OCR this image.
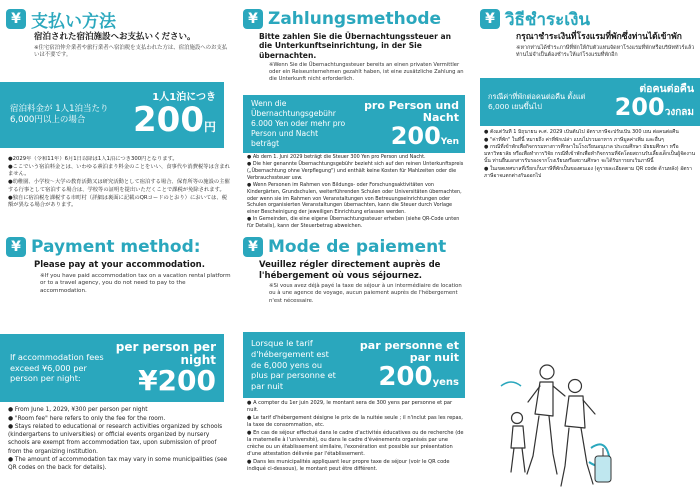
¥ 支払い方法
宿泊された宿泊施設へお支払いください。
※住宅宿泊仲介業者や旅行業者へ宿泊税を支払われた方は、宿泊施設へのお支払いは不要です。
宿泊料金が 1人1泊当たり6,000円以上の場合
1人1泊につき
200円
●2029年（令和11年）6月1日以降は1人1泊につき300円となります。
●ここでいう宿泊料金とは、いわゆる素泊まり料金のことをいい、食事代や消費税等は含まれません。
●幼稚園、小学校〜大学の教育活動又は研究活動として宿泊する場合、保育所等の施設の主催する行事として宿泊する場合は、学校等の証明を提出いただくことで課税が免除されます。
●独自に宿泊税を課税する市町村（詳細は裏面に記載のQRコードのとおり）においては、税額が異なる場合があります。
¥ Zahlungsmethode
Bitte zahlen Sie die Übernachtungssteuer an die Unterkunftseinrichtung, in der Sie übernachten.
※Wenn Sie die Übernachtungssteuer bereits an einen privaten Vermittler oder ein Reiseunternehmen gezahlt haben, ist eine zusätzliche Zahlung an die Unterkunft nicht erforderlich.
Wenn die Übernachtungsgebühr 6.000 Yen oder mehr pro Person und Nacht beträgt
pro Person und Nacht
200Yen
● Ab dem 1. Juni 2029 beträgt die Steuer 300 Yen pro Person und Nacht.
● Die hier genannte Übernachtungsgebühr bezieht sich auf den reinen Unterkunftspreis („Übernachtung ohne Verpflegung") und enthält keine Kosten für Mahlzeiten oder die Verbrauchssteuer usw.
● Wenn Personen im Rahmen von Bildungs- oder Forschungsaktivitäten von Kindergärten, Grundschulen, weiterführenden Schulen oder Universitäten übernachten, oder wenn sie im Rahmen von Veranstaltungen von Betreuungseinrichtungen oder Schulen organisierten Veranstaltungen übernachten, kann die Steuer durch Vorlage einer Bescheinigung der jeweiligen Einrichtung erlassen werden.
● In Gemeinden, die eine eigene Übernachtungssteuer erheben (siehe QR-Code unten für Details), kann der Steuerbetrag abweichen.
¥ วิธีชำระเงิน
กรุณาชำระเงินที่โรงแรมที่พักซึ่งท่านได้เข้าพัก
※หากท่านได้ชำระภาษีที่พักให้กับตัวแทนจัดหาโรงแรมที่พักหรือบริษัททัวร์แล้ว ท่านไม่จำเป็นต้องชำระให้แก่โรงแรมที่พักอีก
กรณีค่าที่พักต่อคนต่อคืน ตั้งแต่ 6,000 เยนขึ้นไป
ต่อคนต่อคืน
200วงกลม
● ตั้งแต่วันที่ 1 มิถุนายน ค.ศ. 2029 เป็นต้นไป อัตราภาษีจะปรับเป็น 300 เยน ต่อคนต่อคืน
● "ค่าที่พัก" ในที่นี้ หมายถึง ค่าที่พักเปล่า แบบไม่รวมอาหาร ภาษีมูลค่าเพิ่ม และอื่นๆ
● กรณีที่เข้าพักเพื่อกิจกรรมทางการศึกษาในโรงเรียนอนุบาล ประถมศึกษา มัธยมศึกษา หรือมหาวิทยาลัย หรือเพื่อทำการวิจัย กรณีที่เข้าพักเพื่อทำกิจกรรมที่จัดโดยสถานรับเลี้ยงเด็กเป็นผู้จัดงานนั้น ท่านยื่นเอกสารรับรองจากโรงเรียนหรือสถานศึกษา จะได้รับการยกเว้นภาษีนี้
● ในเขตเทศบาลที่เรียกเก็บภาษีที่พักเป็นของตนเอง (ดูรายละเอียดตาม QR code ด้านหลัง) อัตราภาษีอาจแตกต่างกันออกไป
¥ Payment method:
Please pay at your accommodation.
※If you have paid accommodation tax on a vacation rental platform or to a travel agency, you do not need to pay to the accommodation.
If accommodation fees exceed ¥6,000 per person per night:
per person per night
¥200
● From June 1, 2029, ¥300 per person per night
● "Room fee" here refers to only the fee for the room.
● Stays related to educational or research activities organized by schools (kindergartens to universities) or official events organized by nursery schools are exempt from accommodation tax, upon submission of proof from the organizing institution.
● The amount of accommodation tax may vary in some municipalities (see QR codes on the back for details).
¥ Mode de paiement
Veuillez régler directement auprès de l'hébergement où vous séjournez.
※Si vous avez déjà payé la taxe de séjour à un intermédiaire de location ou à une agence de voyage, aucun paiement auprès de l'hébergement n'est nécessaire.
Lorsque le tarif d'hébergement est de 6,000 yens ou plus par personne et par nuit
par personne et par nuit
200yens
● À compter du 1er juin 2029, le montant sera de 300 yens par personne et par nuit.
● Le tarif d'hébergement désigne le prix de la nuitée seule ; il n'inclut pas les repas, la taxe de consommation, etc.
● En cas de séjour effectué dans le cadre d'activités éducatives ou de recherche (de la maternelle à l'université), ou dans le cadre d'événements organisés par une crèche ou un établissement similaire, l'exonération est possible sur présentation d'une attestation délivrée par l'établissement.
● Dans les municipalités appliquant leur propre taxe de séjour (voir le QR code indiqué ci-dessous), le montant peut être différent.
